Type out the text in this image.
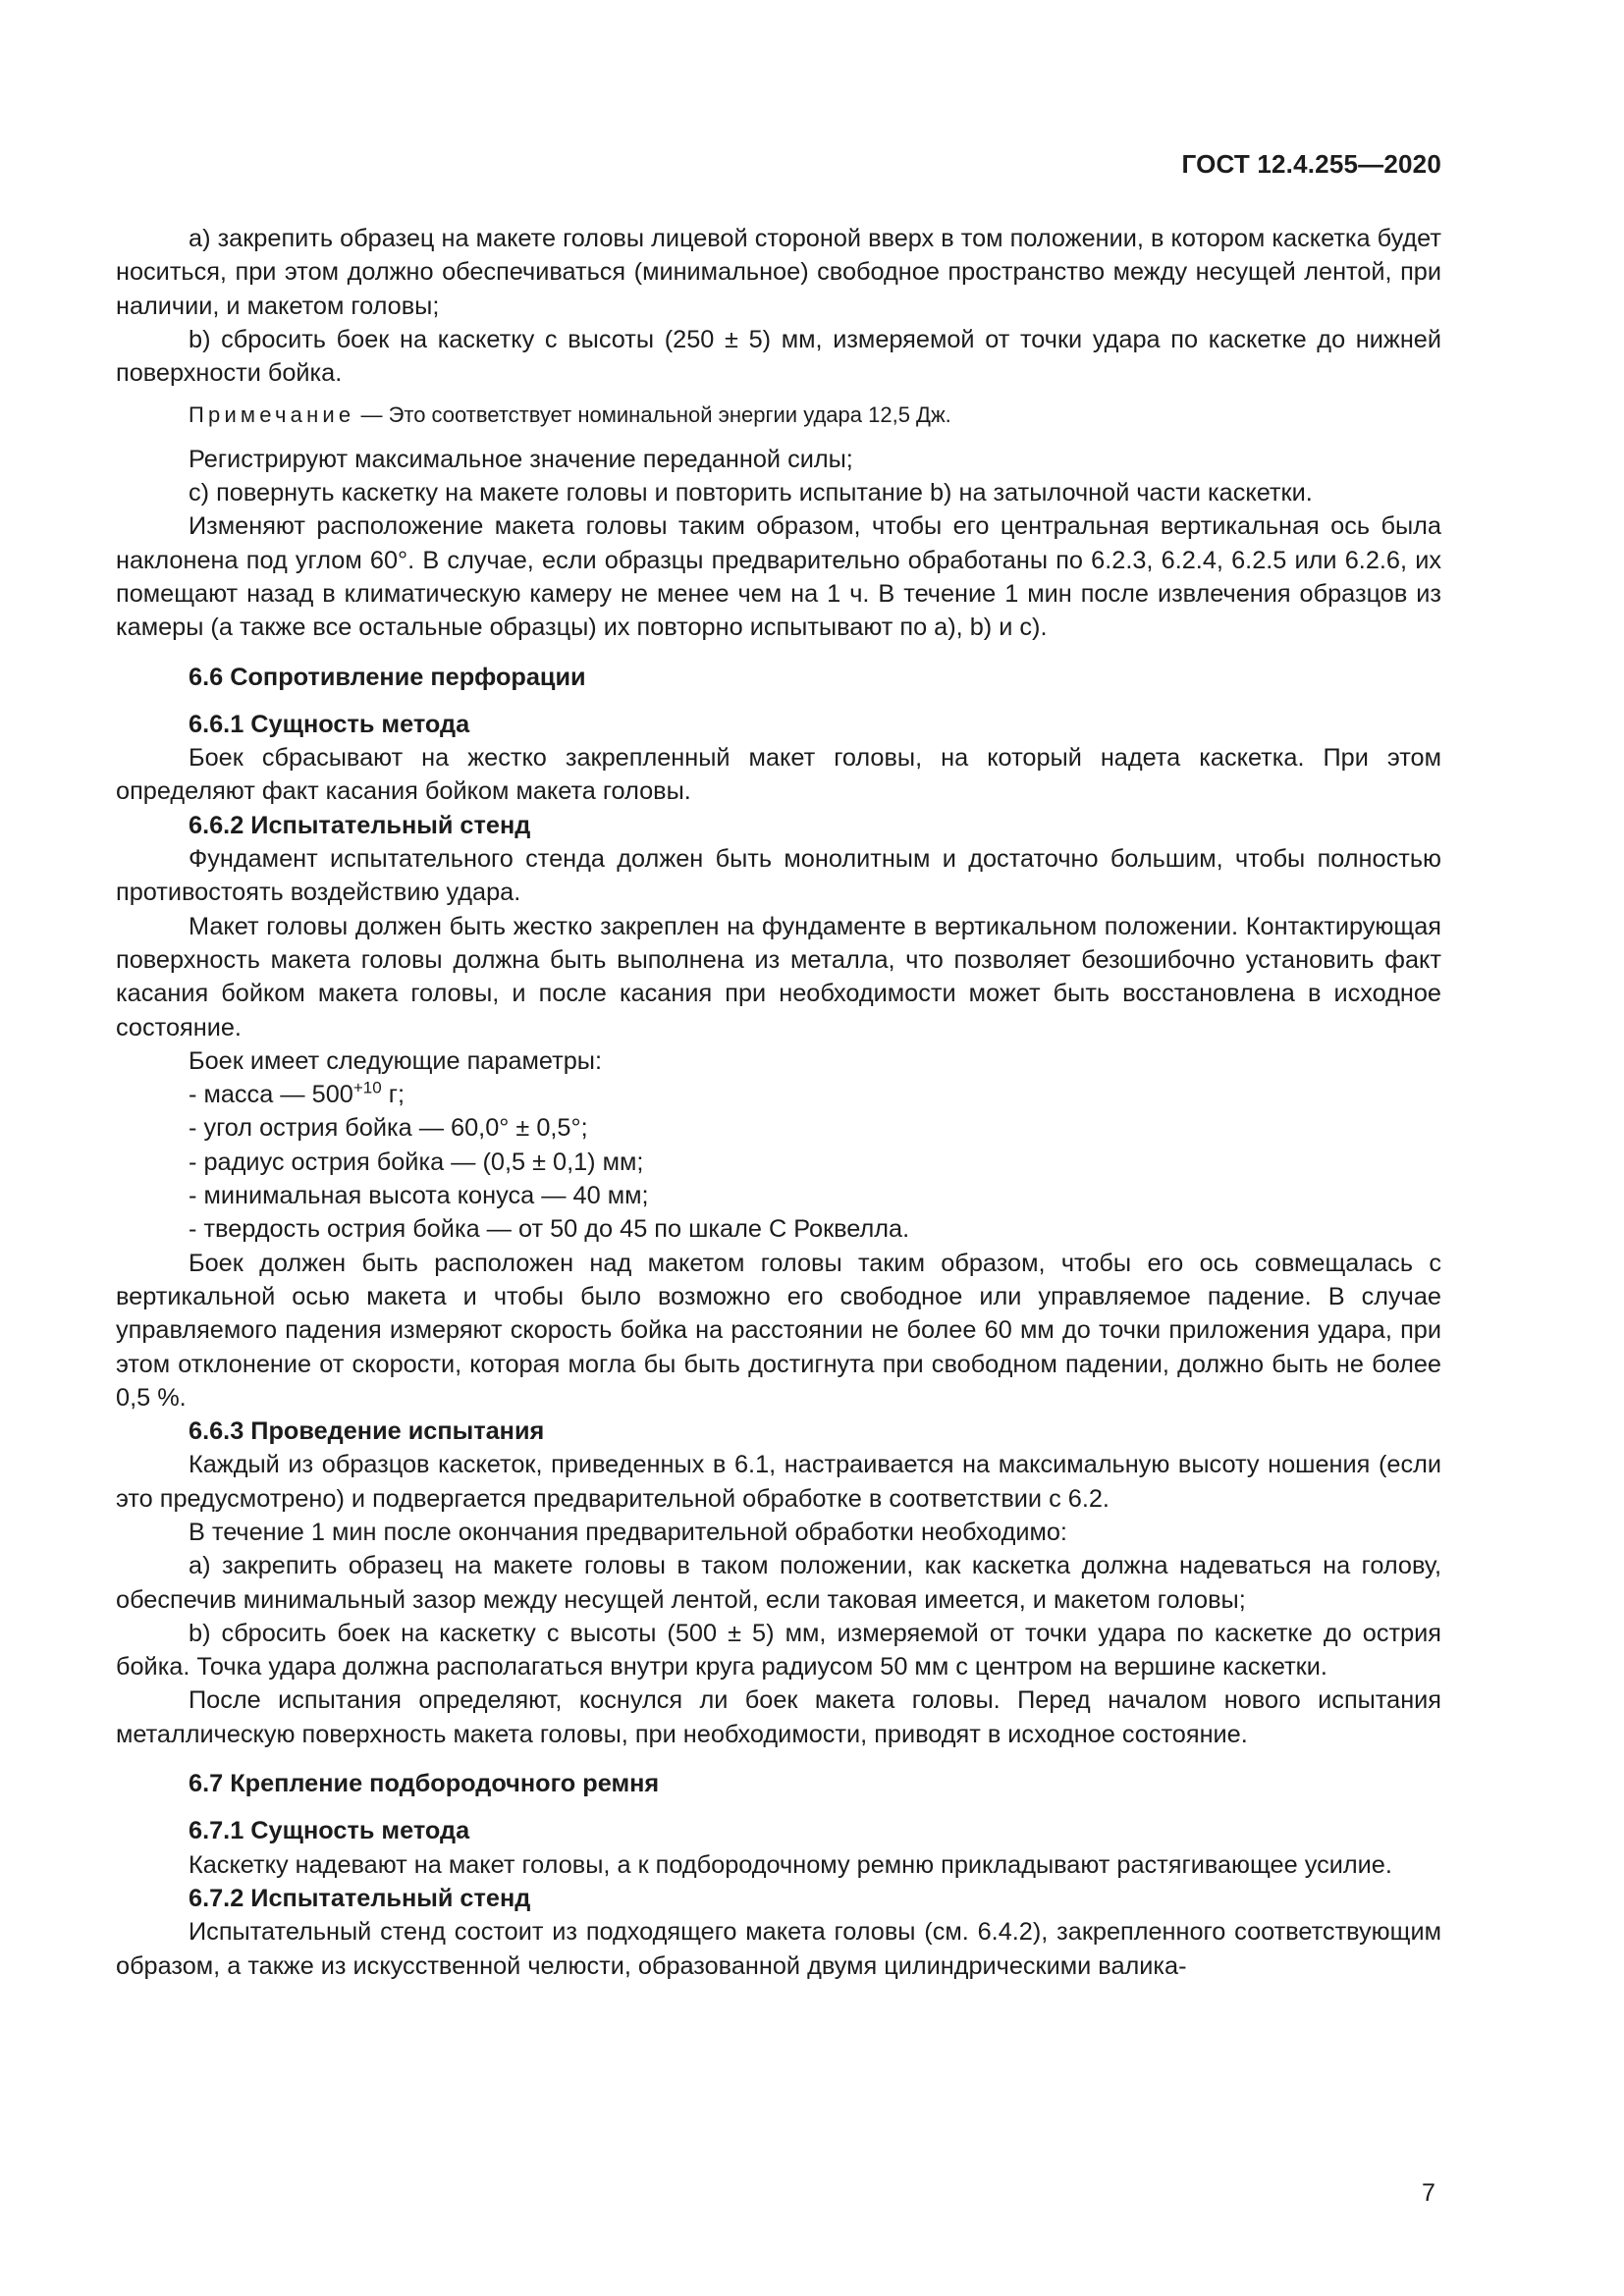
ГОСТ 12.4.255—2020

а) закрепить образец на макете головы лицевой стороной вверх в том положении, в котором каскетка будет носиться, при этом должно обеспечиваться (минимальное) свободное пространство между несущей лентой, при наличии, и макетом головы;

b) сбросить боек на каскетку с высоты (250 ± 5) мм, измеряемой от точки удара по каскетке до нижней поверхности бойка.

Примечание — Это соответствует номинальной энергии удара 12,5 Дж.

Регистрируют максимальное значение переданной силы;

с) повернуть каскетку на макете головы и повторить испытание b) на затылочной части каскетки.

Изменяют расположение макета головы таким образом, чтобы его центральная вертикальная ось была наклонена под углом 60°. В случае, если образцы предварительно обработаны по 6.2.3, 6.2.4, 6.2.5 или 6.2.6, их помещают назад в климатическую камеру не менее чем на 1 ч. В течение 1 мин после извлечения образцов из камеры (а также все остальные образцы) их повторно испытывают по а), b) и с).

6.6 Сопротивление перфорации
6.6.1 Сущность метода

Боек сбрасывают на жестко закрепленный макет головы, на который надета каскетка. При этом определяют факт касания бойком макета головы.

6.6.2 Испытательный стенд

Фундамент испытательного стенда должен быть монолитным и достаточно большим, чтобы полностью противостоять воздействию удара.

Макет головы должен быть жестко закреплен на фундаменте в вертикальном положении. Контактирующая поверхность макета головы должна быть выполнена из металла, что позволяет безошибочно установить факт касания бойком макета головы, и после касания при необходимости может быть восстановлена в исходное состояние.

Боек имеет следующие параметры:

- масса — $500^{+10}$ г;
- угол острия бойка — 60,0° ± 0,5°;
- радиус острия бойка — (0,5 ± 0,1) мм;
- минимальная высота конуса — 40 мм;
- твердость острия бойка — от 50 до 45 по шкале С Роквелла.

Боек должен быть расположен над макетом головы таким образом, чтобы его ось совмещалась с вертикальной осью макета и чтобы было возможно его свободное или управляемое падение. В случае управляемого падения измеряют скорость бойка на расстоянии не более 60 мм до точки приложения удара, при этом отклонение от скорости, которая могла бы быть достигнута при свободном падении, должно быть не более 0,5 %.

6.6.3 Проведение испытания

Каждый из образцов каскеток, приведенных в 6.1, настраивается на максимальную высоту ношения (если это предусмотрено) и подвергается предварительной обработке в соответствии с 6.2.

В течение 1 мин после окончания предварительной обработки необходимо:

а) закрепить образец на макете головы в таком положении, как каскетка должна надеваться на голову, обеспечив минимальный зазор между несущей лентой, если таковая имеется, и макетом головы;

b) сбросить боек на каскетку с высоты (500 ± 5) мм, измеряемой от точки удара по каскетке до острия бойка. Точка удара должна располагаться внутри круга радиусом 50 мм с центром на вершине каскетки.

После испытания определяют, коснулся ли боек макета головы. Перед началом нового испытания металлическую поверхность макета головы, при необходимости, приводят в исходное состояние.

6.7 Крепление подбородочного ремня
6.7.1 Сущность метода

Каскетку надевают на макет головы, а к подбородочному ремню прикладывают растягивающее усилие.

6.7.2 Испытательный стенд

Испытательный стенд состоит из подходящего макета головы (см. 6.4.2), закрепленного соответствующим образом, а также из искусственной челюсти, образованной двумя цилиндрическими валика-

7
